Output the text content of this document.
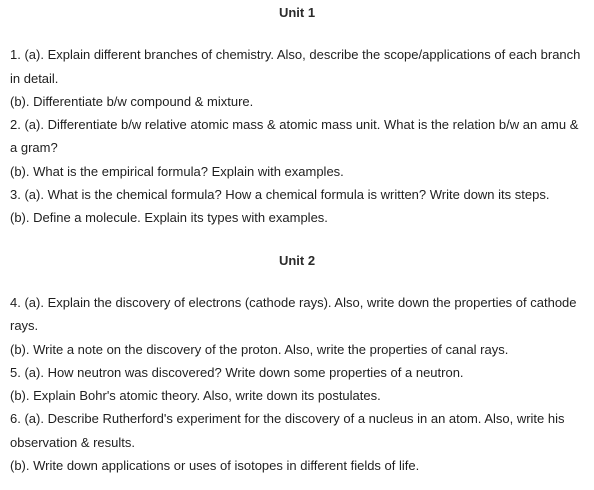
Unit 1

1. (a). Explain different branches of chemistry. Also, describe the scope/applications of each branch in detail.

(b). Differentiate b/w compound & mixture.

2. (a). Differentiate b/w relative atomic mass & atomic mass unit. What is the relation b/w an amu & a gram?

(b). What is the empirical formula? Explain with examples.

3. (a). What is the chemical formula? How a chemical formula is written? Write down its steps.

(b). Define a molecule. Explain its types with examples.

Unit 2

4. (a). Explain the discovery of electrons (cathode rays). Also, write down the properties of cathode rays.

(b). Write a note on the discovery of the proton. Also, write the properties of canal rays.

5. (a). How neutron was discovered? Write down some properties of a neutron.

(b). Explain Bohr's atomic theory. Also, write down its postulates.

6. (a). Describe Rutherford's experiment for the discovery of a nucleus in an atom. Also, write his observation & results.

(b). Write down applications or uses of isotopes in different fields of life.
